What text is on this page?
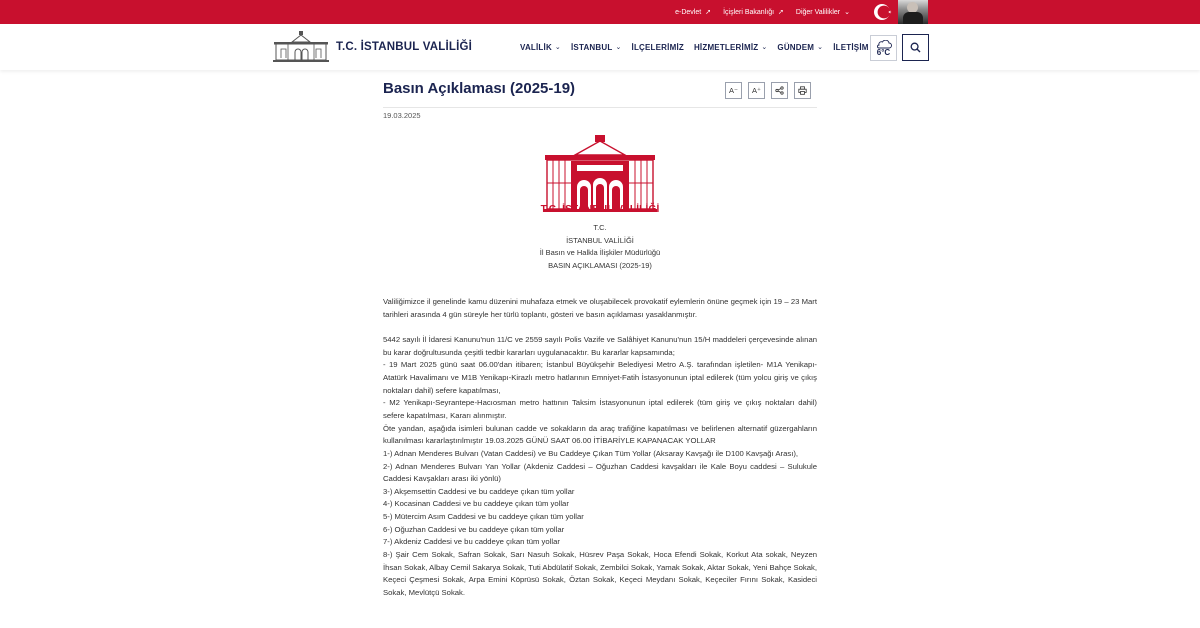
e-Devlet ➚ İçişleri Bakanlığı ➚ Diğer Valilikler ⌄
T.C. İSTANBUL VALİLİĞİ	VALİLİK ⌄ İSTANBUL ⌄ İLÇELERİMİZ HİZMETLERİMİZ ⌄ GÜNDEM ⌄ İLETİŞİM
6°C
Basın Açıklaması (2025-19)	A⁻	A⁺
19.03.2025
C
T.C. İSTANBUL VALİLİĞİ
T.C.
İSTANBUL VALİLİĞİ
İl Basın ve Halkla İlişkiler Müdürlüğü
BASIN AÇIKLAMASI (2025-19)

Valiliğimizce il genelinde kamu düzenini muhafaza etmek ve oluşabilecek provokatif eylemlerin önüne geçmek için 19 – 23 Mart tarihleri arasında 4 gün süreyle her türlü toplantı, gösteri ve basın açıklaması yasaklanmıştır.

5442 sayılı İl İdaresi Kanunu'nun 11/C ve 2559 sayılı Polis Vazife ve Salâhiyet Kanunu'nun 15/H maddeleri çerçevesinde alınan bu karar doğrultusunda çeşitli tedbir kararları uygulanacaktır. Bu kararlar kapsamında;

- 19 Mart 2025 günü saat 06.00'dan itibaren; İstanbul Büyükşehir Belediyesi Metro A.Ş. tarafından işletilen- M1A Yenikapı- Atatürk Havalimanı ve M1B Yenikapı-Kirazlı metro hatlarının Emniyet-Fatih İstasyonunun iptal edilerek (tüm yolcu giriş ve çıkış noktaları dahil) sefere kapatılması,

- M2 Yenikapı-Seyrantepe-Hacıosman metro hattının Taksim İstasyonunun iptal edilerek (tüm giriş ve çıkış noktaları dahil) sefere kapatılması, Kararı alınmıştır.

Öte yandan, aşağıda isimleri bulunan cadde ve sokakların da araç trafiğine kapatılması ve belirlenen alternatif güzergahların kullanılması kararlaştırılmıştır 19.03.2025 GÜNÜ SAAT 06.00 İTİBARİYLE KAPANACAK YOLLAR

1-) Adnan Menderes Bulvarı (Vatan Caddesi) ve Bu Caddeye Çıkan Tüm Yollar (Aksaray Kavşağı ile D100 Kavşağı Arası),

2-) Adnan Menderes Bulvarı Yan Yollar (Akdeniz Caddesi – Oğuzhan Caddesi kavşakları ile Kale Boyu caddesi – Sulukule Caddesi Kavşakları arası iki yönlü)

3-) Akşemsettin Caddesi ve bu caddeye çıkan tüm yollar

4-) Kocasinan Caddesi ve bu caddeye çıkan tüm yollar

5-) Mütercim Asım Caddesi ve bu caddeye çıkan tüm yollar

6-) Oğuzhan Caddesi ve bu caddeye çıkan tüm yollar

7-) Akdeniz Caddesi ve bu caddeye çıkan tüm yollar

8-) Şair Cem Sokak, Safran Sokak, Sarı Nasuh Sokak, Hüsrev Paşa Sokak, Hoca Efendi Sokak, Korkut Ata sokak, Neyzen İhsan Sokak, Albay Cemil Sakarya Sokak, Tuti Abdülatif Sokak, Zembilci Sokak, Yamak Sokak, Aktar Sokak, Yeni Bahçe Sokak, Keçeci Çeşmesi Sokak, Arpa Emini Köprüsü Sokak, Öztan Sokak, Keçeci Meydanı Sokak, Keçeciler Fırını Sokak, Kasideci Sokak, Mevlütçü Sokak.
